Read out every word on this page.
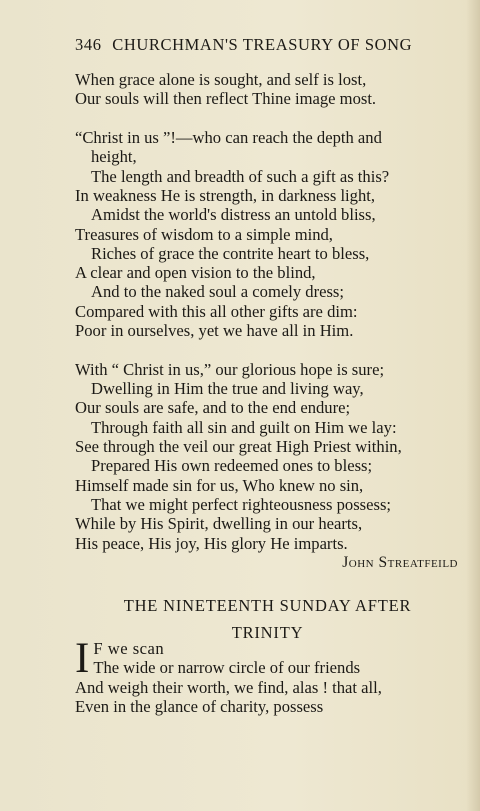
346 CHURCHMAN'S TREASURY OF SONG
When grace alone is sought, and self is lost,
Our souls will then reflect Thine image most.
“Christ in us ”!—who can reach the depth and
height,
The length and breadth of such a gift as this?
In weakness He is strength, in darkness light,
Amidst the world's distress an untold bliss,
Treasures of wisdom to a simple mind,
Riches of grace the contrite heart to bless,
A clear and open vision to the blind,
And to the naked soul a comely dress;
Compared with this all other gifts are dim:
Poor in ourselves, yet we have all in Him.
With “ Christ in us,” our glorious hope is sure;
Dwelling in Him the true and living way,
Our souls are safe, and to the end endure;
Through faith all sin and guilt on Him we lay:
See through the veil our great High Priest within,
Prepared His own redeemed ones to bless;
Himself made sin for us, Who knew no sin,
That we might perfect righteousness possess;
While by His Spirit, dwelling in our hearts,
His peace, His joy, His glory He imparts.
John Streatfeild
THE NINETEENTH SUNDAY AFTER
TRINITY
I F we scan
The wide or narrow circle of our friends
And weigh their worth, we find, alas ! that all,
Even in the glance of charity, possess
